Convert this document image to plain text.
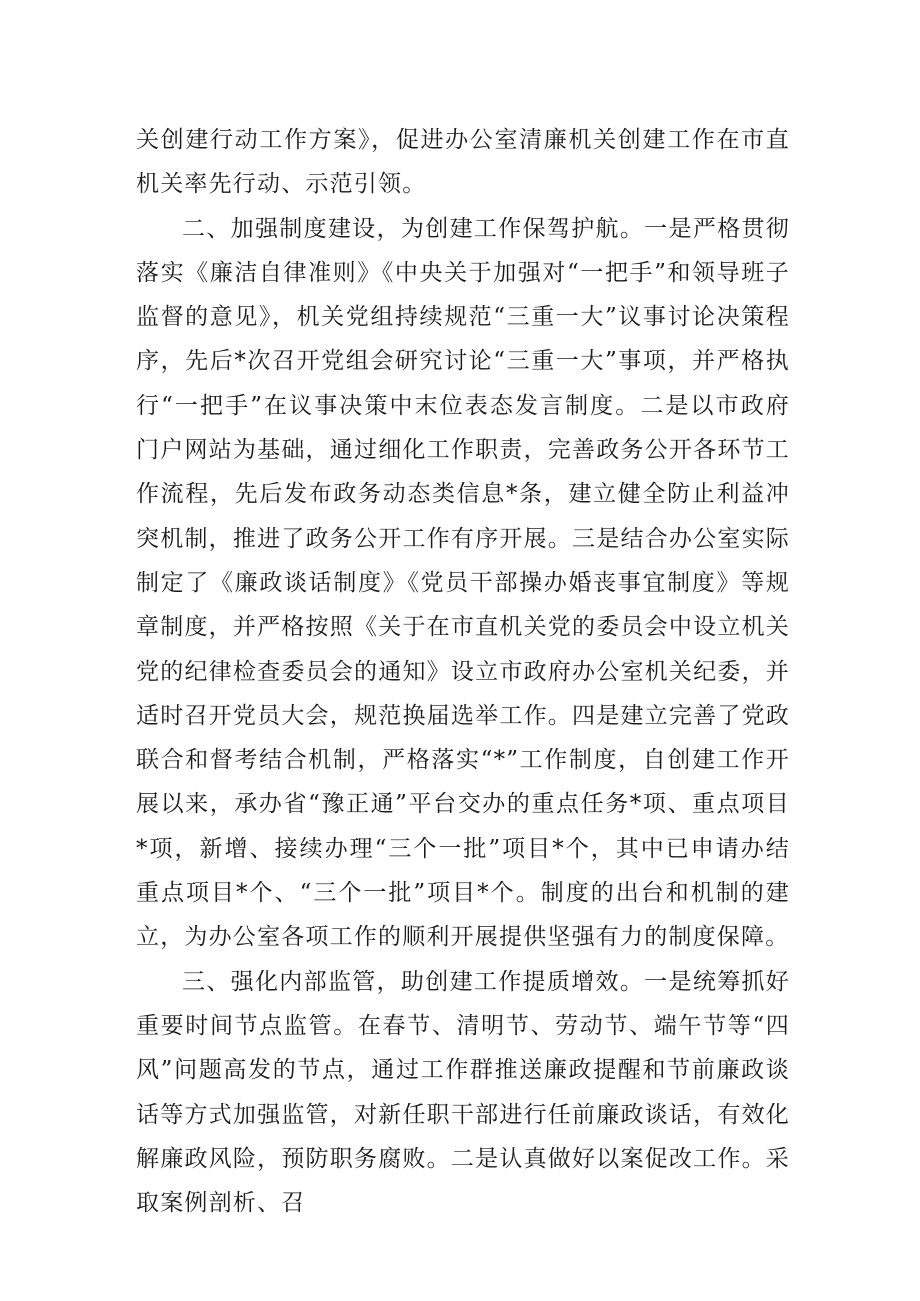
关创建行动工作方案》，促进办公室清廉机关创建工作在市直机关率先行动、示范引领。

二、加强制度建设，为创建工作保驾护航。一是严格贯彻落实《廉洁自律准则》《中央关于加强对“一把手”和领导班子监督的意见》，机关党组持续规范“三重一大”议事讨论决策程序，先后*次召开党组会研究讨论“三重一大”事项，并严格执行“一把手”在议事决策中末位表态发言制度。二是以市政府门户网站为基础，通过细化工作职责，完善政务公开各环节工作流程，先后发布政务动态类信息*条，建立健全防止利益冲突机制，推进了政务公开工作有序开展。三是结合办公室实际制定了《廉政谈话制度》《党员干部操办婚丧事宜制度》等规章制度，并严格按照《关于在市直机关党的委员会中设立机关党的纪律检查委员会的通知》设立市政府办公室机关纪委，并适时召开党员大会，规范换届选举工作。四是建立完善了党政联合和督考结合机制，严格落实“*”工作制度，自创建工作开展以来，承办省“豫正通”平台交办的重点任务*项、重点项目*项，新增、接续办理“三个一批”项目*个，其中已申请办结重点项目*个、“三个一批”项目*个。制度的出台和机制的建立，为办公室各项工作的顺利开展提供坚强有力的制度保障。

三、强化内部监管，助创建工作提质增效。一是统筹抓好重要时间节点监管。在春节、清明节、劳动节、端午节等“四风”问题高发的节点，通过工作群推送廉政提醒和节前廉政谈话等方式加强监管，对新任职干部进行任前廉政谈话，有效化解廉政风险，预防职务腐败。二是认真做好以案促改工作。采取案例剖析、召
